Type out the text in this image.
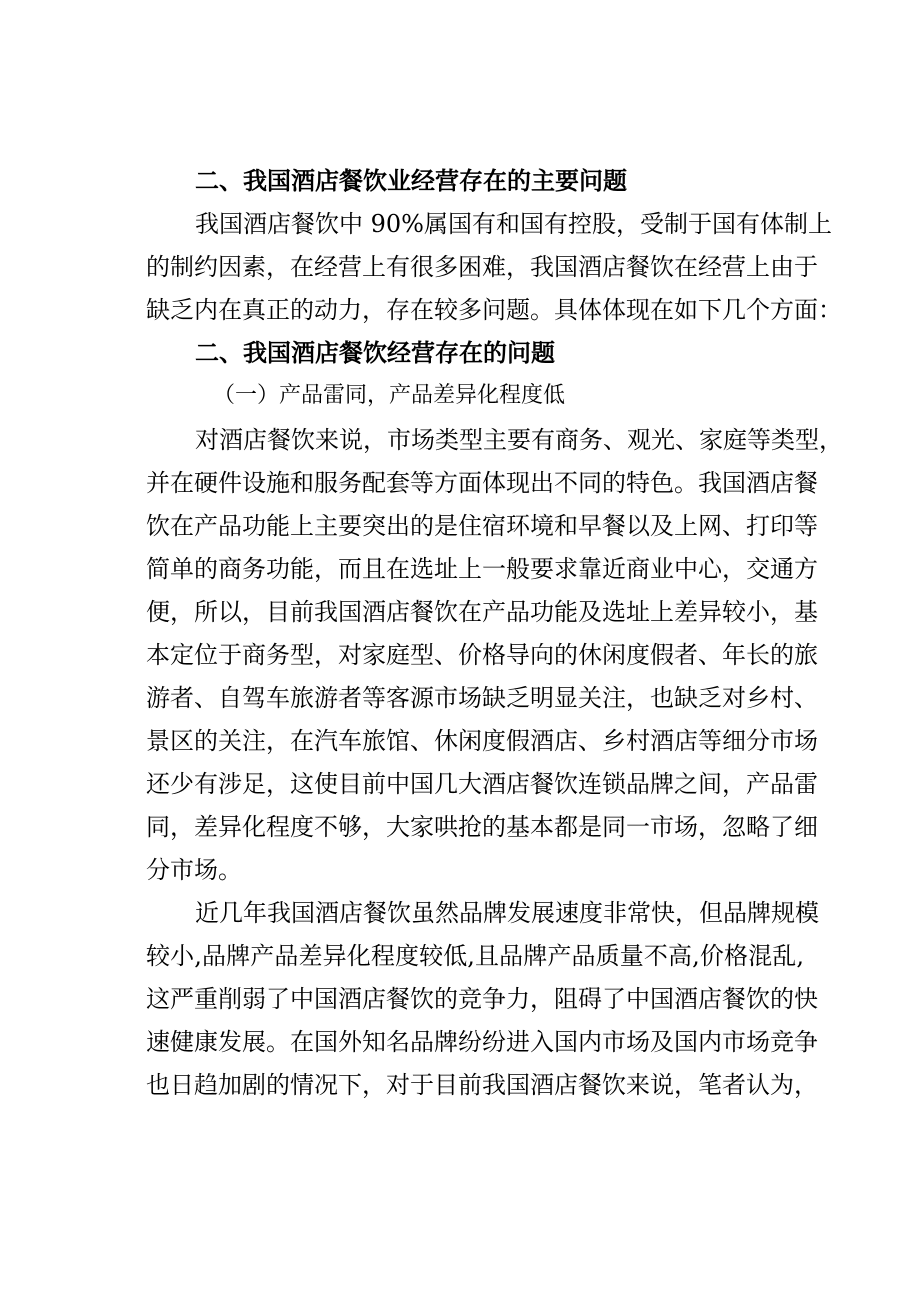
二、我国酒店餐饮业经营存在的主要问题
我国酒店餐饮中 90%属国有和国有控股，受制于国有体制上
的制约因素，在经营上有很多困难，我国酒店餐饮在经营上由于
缺乏内在真正的动力，存在较多问题。具体体现在如下几个方面：
二、我国酒店餐饮经营存在的问题
（一）产品雷同，产品差异化程度低
对酒店餐饮来说，市场类型主要有商务、观光、家庭等类型，
并在硬件设施和服务配套等方面体现出不同的特色。我国酒店餐
饮在产品功能上主要突出的是住宿环境和早餐以及上网、打印等
简单的商务功能，而且在选址上一般要求靠近商业中心，交通方
便，所以，目前我国酒店餐饮在产品功能及选址上差异较小，基
本定位于商务型，对家庭型、价格导向的休闲度假者、年长的旅
游者、自驾车旅游者等客源市场缺乏明显关注，也缺乏对乡村、
景区的关注，在汽车旅馆、休闲度假酒店、乡村酒店等细分市场
还少有涉足，这使目前中国几大酒店餐饮连锁品牌之间，产品雷
同，差异化程度不够，大家哄抢的基本都是同一市场，忽略了细
分市场。
近几年我国酒店餐饮虽然品牌发展速度非常快，但品牌规模
较小,品牌产品差异化程度较低,且品牌产品质量不高,价格混乱,
这严重削弱了中国酒店餐饮的竞争力，阻碍了中国酒店餐饮的快
速健康发展。在国外知名品牌纷纷进入国内市场及国内市场竞争
也日趋加剧的情况下，对于目前我国酒店餐饮来说，笔者认为，
